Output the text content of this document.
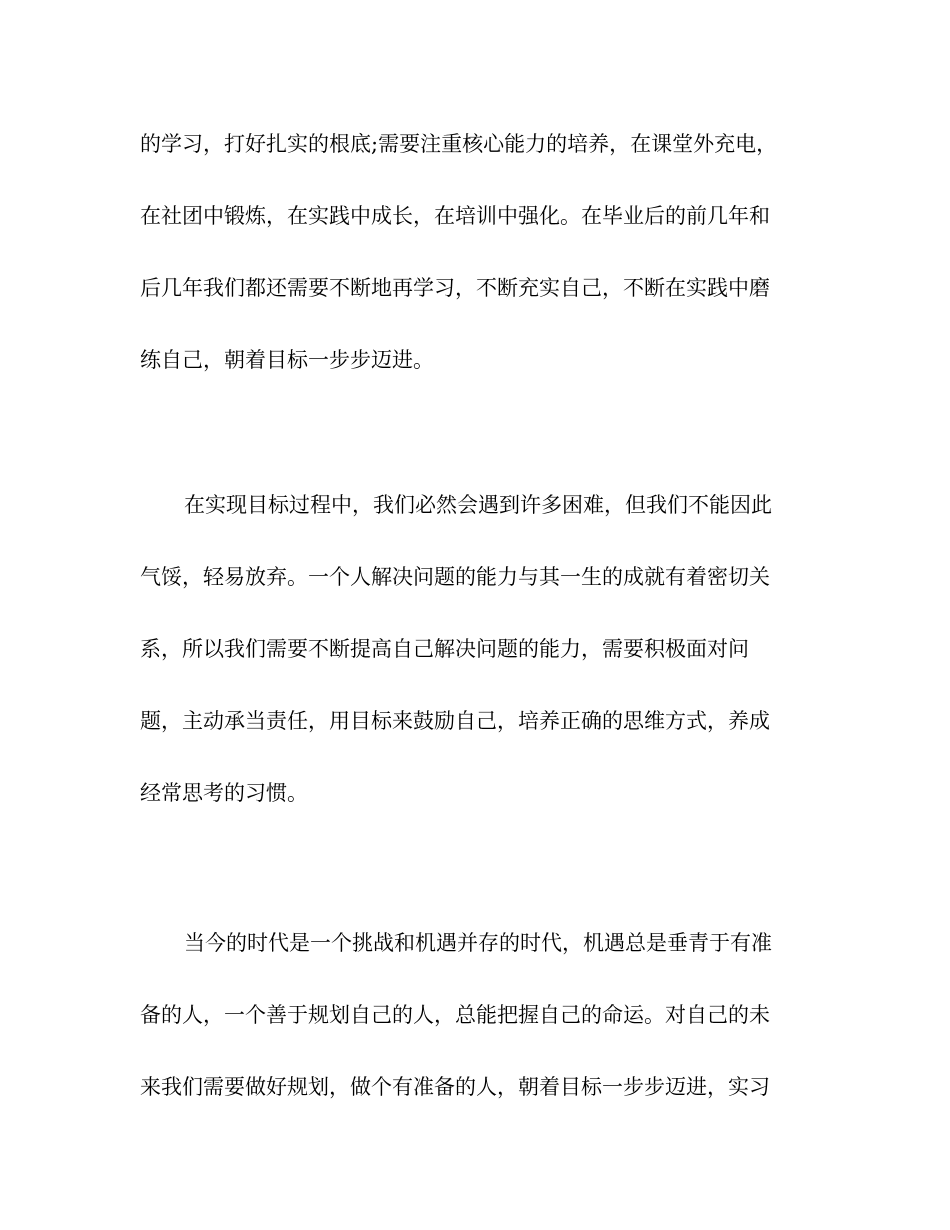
的学习，打好扎实的根底;需要注重核心能力的培养，在课堂外充电，
在社团中锻炼，在实践中成长，在培训中强化。在毕业后的前几年和
后几年我们都还需要不断地再学习，不断充实自己，不断在实践中磨
练自己，朝着目标一步步迈进。
在实现目标过程中，我们必然会遇到许多困难，但我们不能因此
气馁，轻易放弃。一个人解决问题的能力与其一生的成就有着密切关
系，所以我们需要不断提高自己解决问题的能力，需要积极面对问
题，主动承当责任，用目标来鼓励自己，培养正确的思维方式，养成
经常思考的习惯。
当今的时代是一个挑战和机遇并存的时代，机遇总是垂青于有准
备的人，一个善于规划自己的人，总能把握自己的命运。对自己的未
来我们需要做好规划，做个有准备的人，朝着目标一步步迈进，实习
